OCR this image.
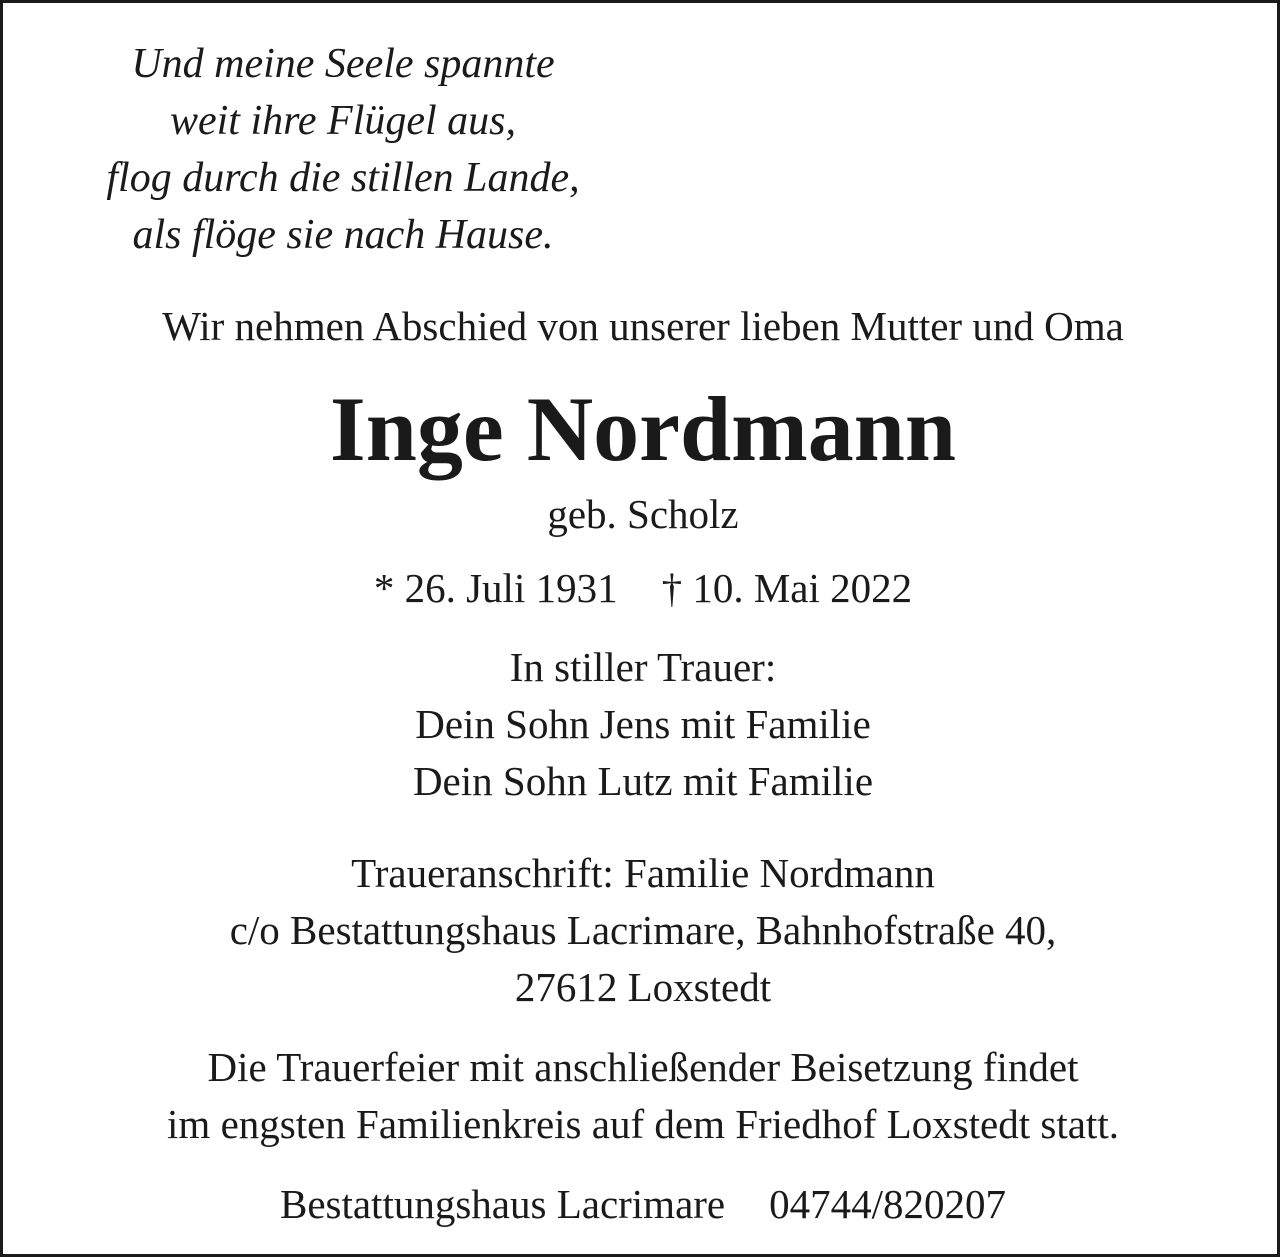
Und meine Seele spannte
weit ihre Flügel aus,
flog durch die stillen Lande,
als flöge sie nach Hause.
Wir nehmen Abschied von unserer lieben Mutter und Oma
Inge Nordmann
geb. Scholz
* 26. Juli 1931 † 10. Mai 2022
In stiller Trauer:
Dein Sohn Jens mit Familie
Dein Sohn Lutz mit Familie
Traueranschrift: Familie Nordmann
c/o Bestattungshaus Lacrimare, Bahnhofstraße 40,
27612 Loxstedt
Die Trauerfeier mit anschließender Beisetzung findet
im engsten Familienkreis auf dem Friedhof Loxstedt statt.
Bestattungshaus Lacrimare 04744/820207
